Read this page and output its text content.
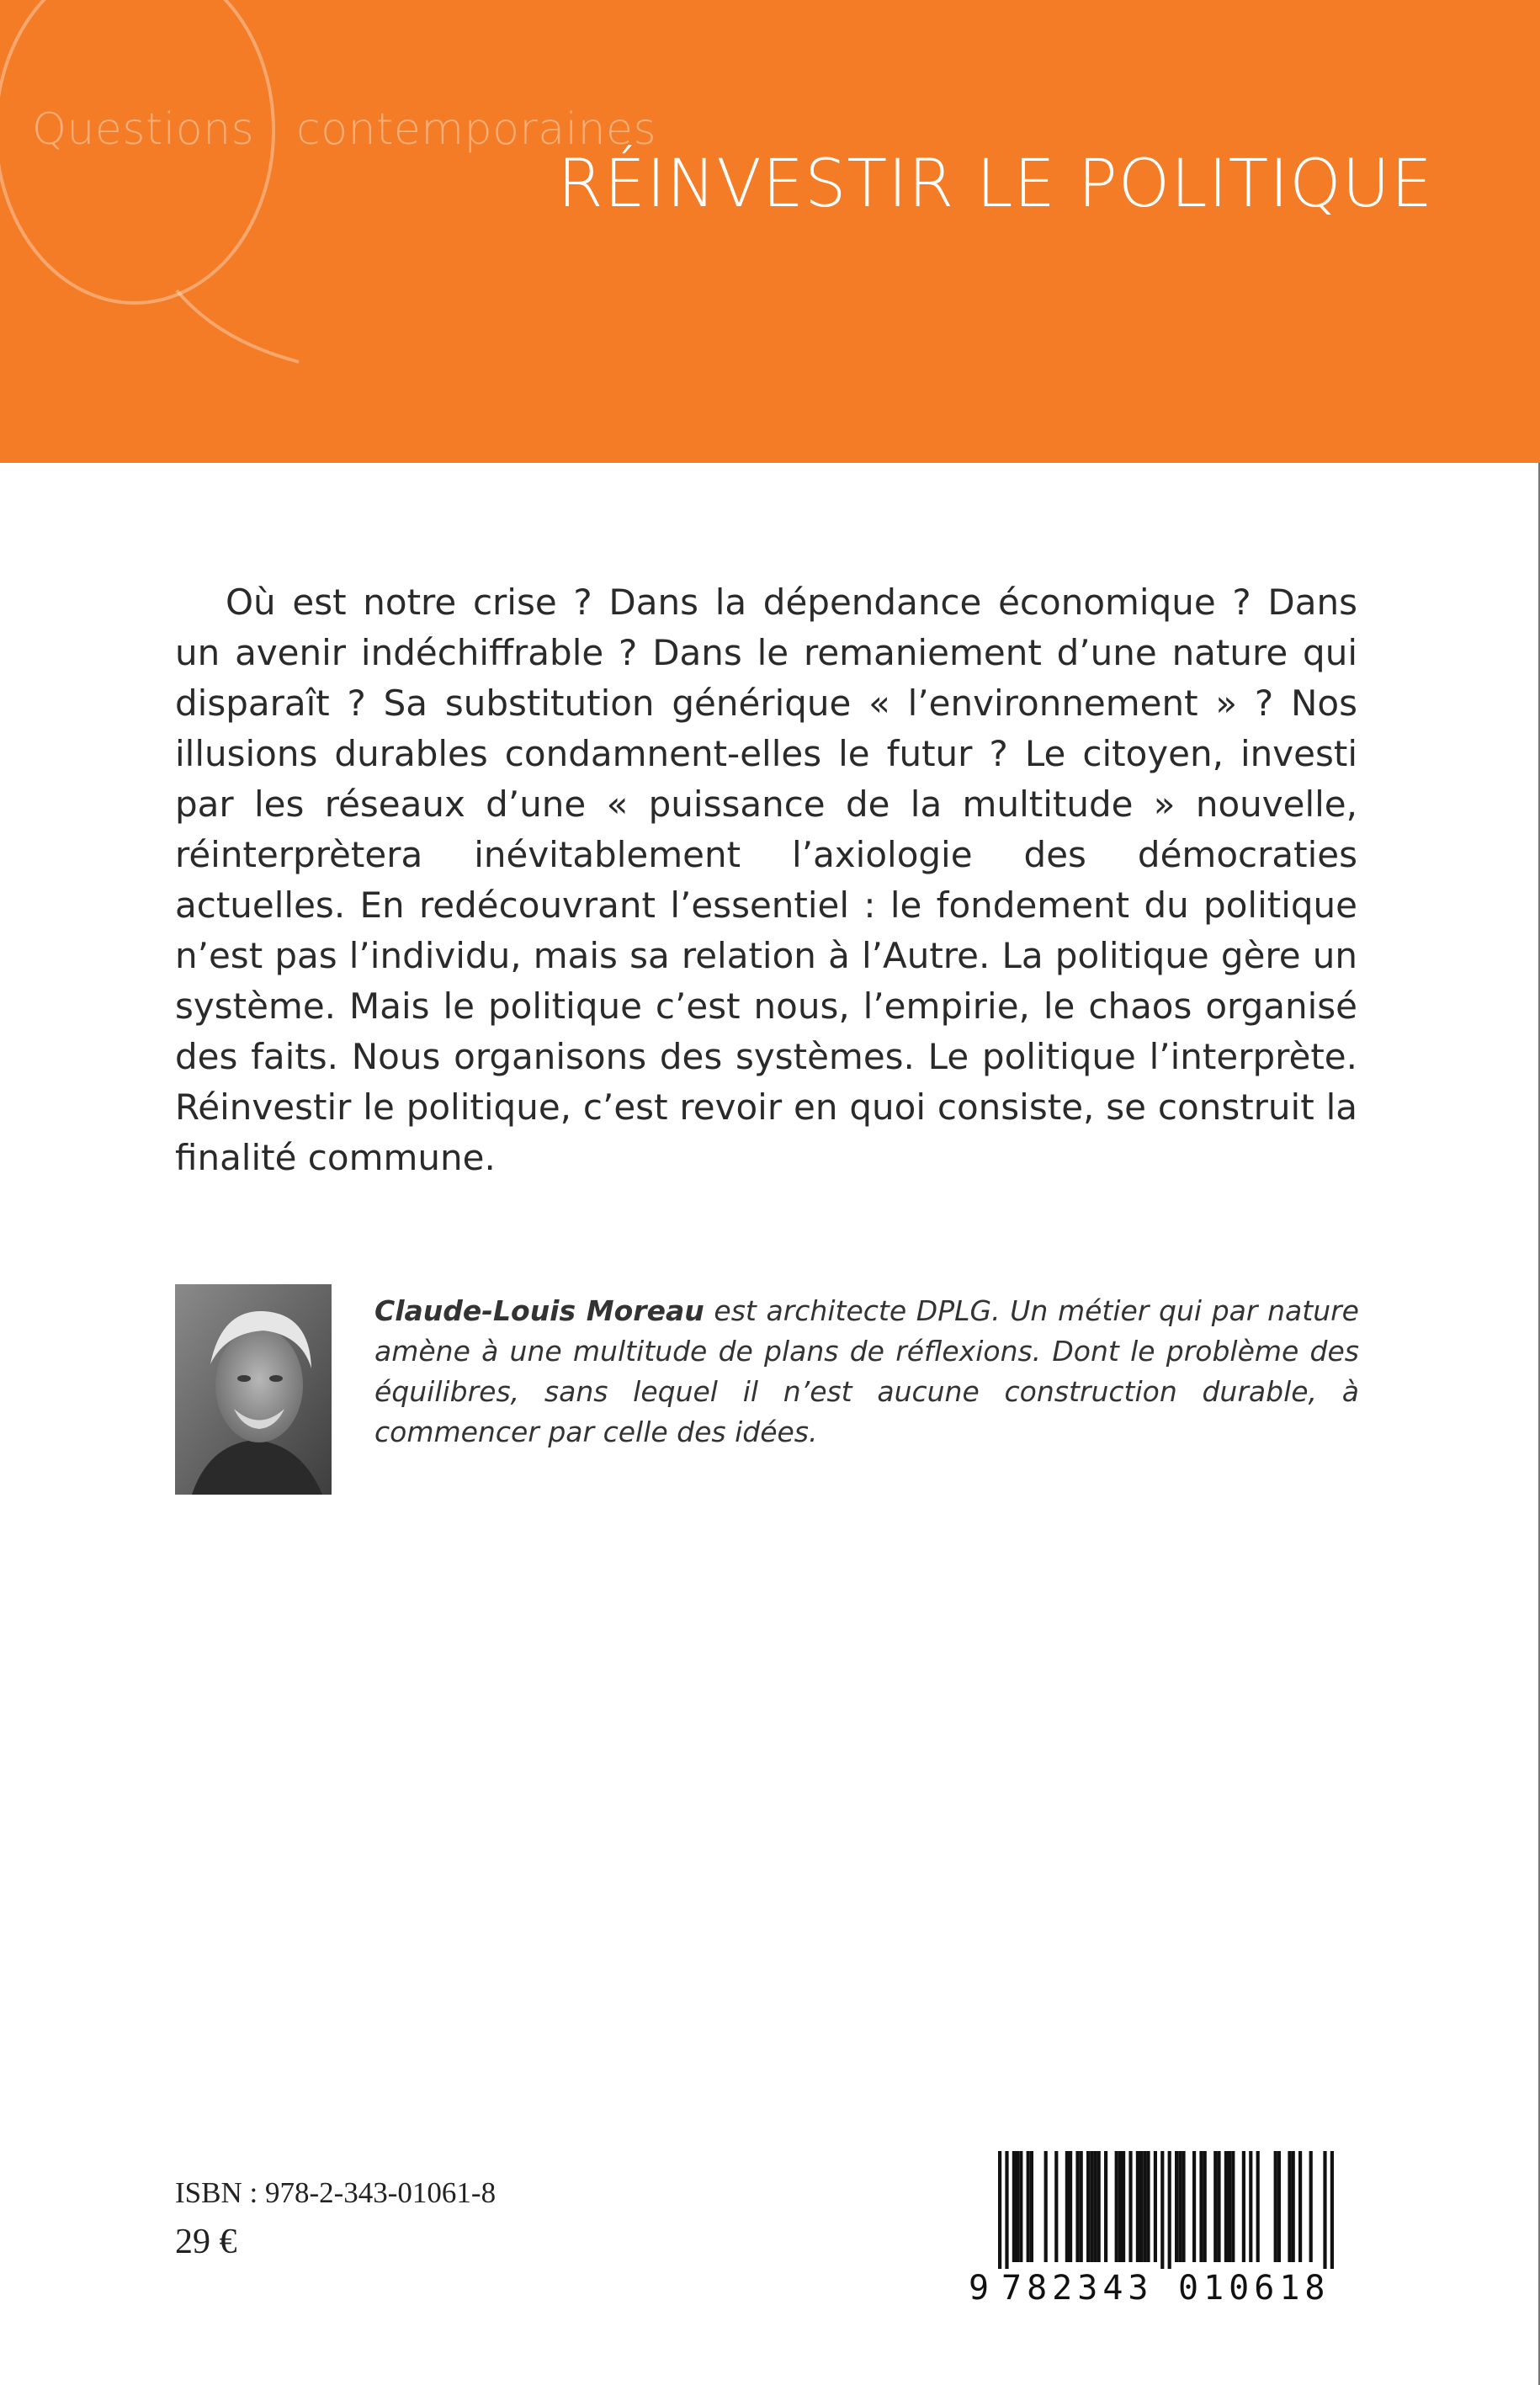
Questions contemporaines
RÉINVESTIR LE POLITIQUE

Où est notre crise ? Dans la dépendance économique ? Dans un avenir indéchiffrable ? Dans le remaniement d’une nature qui disparaît ? Sa substitution générique « l’environnement » ? Nos illusions durables condamnent-elles le futur ? Le citoyen, investi par les réseaux d’une « puissance de la multitude » nouvelle, réinterprètera inévitablement l’axiologie des démocraties actuelles. En redécouvrant l’essentiel : le fondement du politique n’est pas l’individu, mais sa relation à l’Autre. La politique gère un système. Mais le politique c’est nous, l’empirie, le chaos organisé des faits. Nous organisons des systèmes. Le politique l’interprète. Réinvestir le politique, c’est revoir en quoi consiste, se construit la finalité commune.

Claude-Louis Moreau est architecte DPLG. Un métier qui par nature amène à une multitude de plans de réflexions. Dont le problème des équilibres, sans lequel il n’est aucune construction durable, à commencer par celle des idées.

ISBN : 978-2-343-01061-8
29 €
9 782343 010618
